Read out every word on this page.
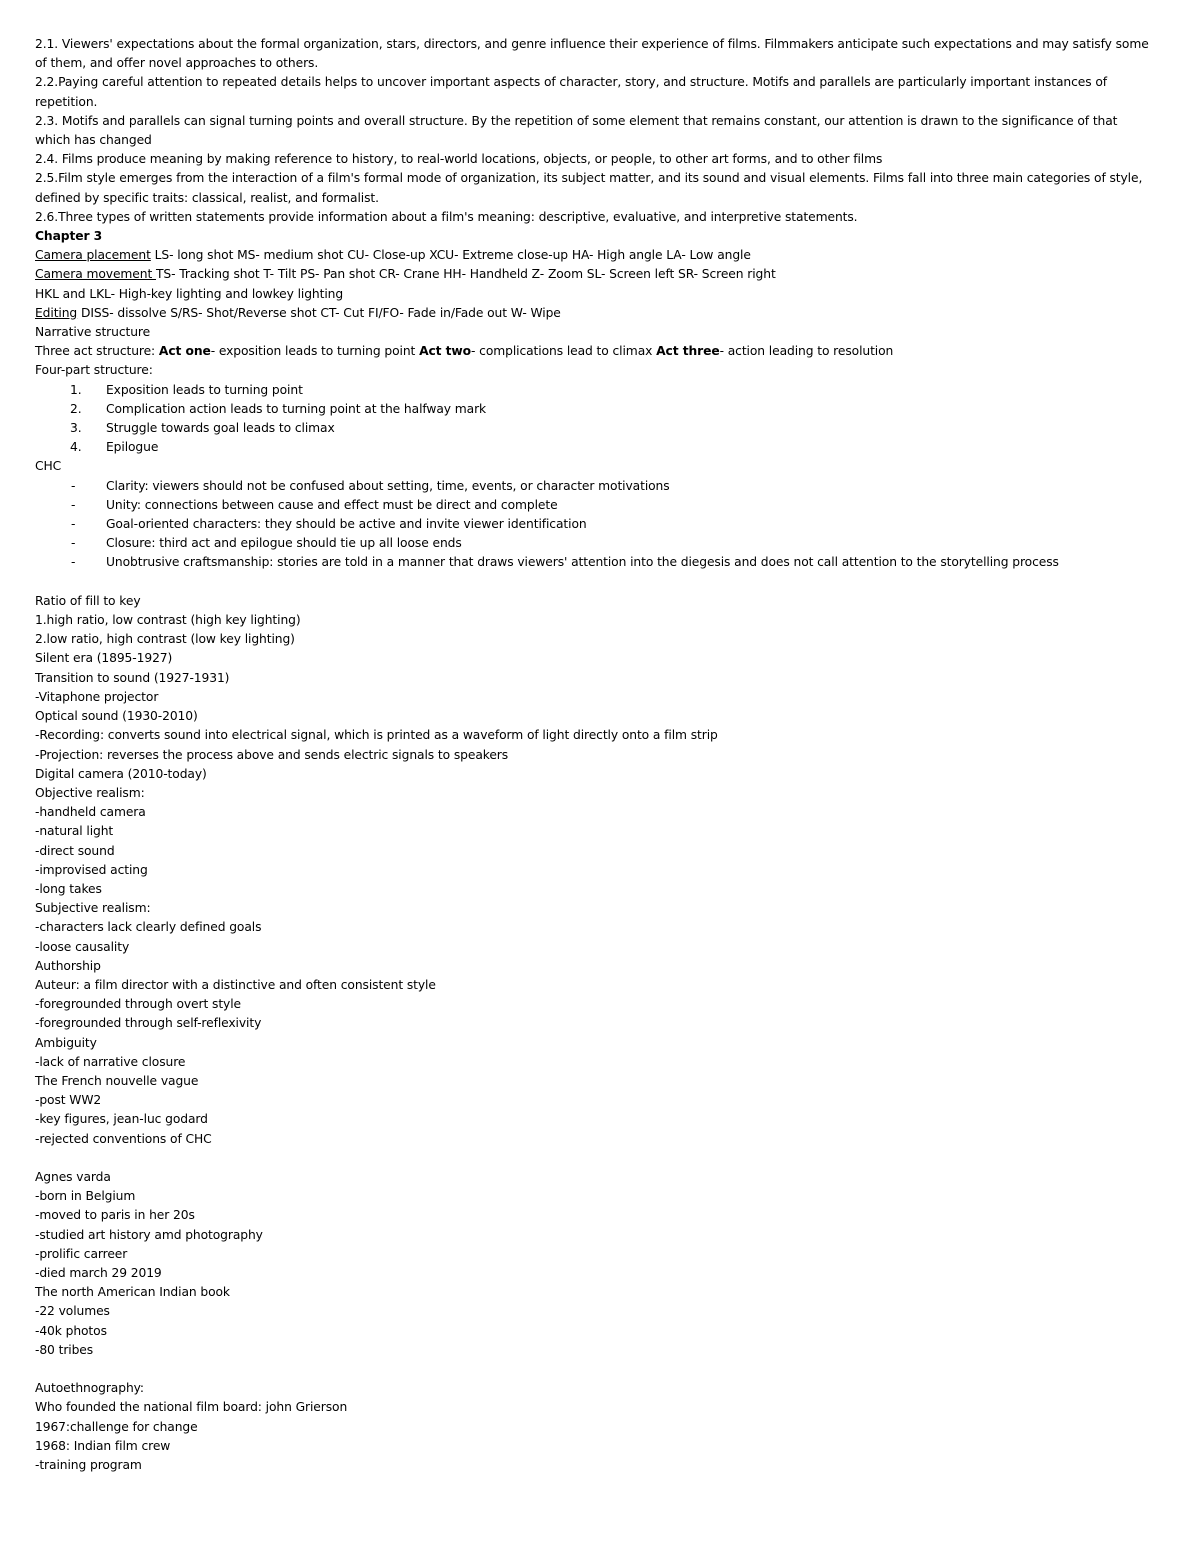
2.1. Viewers' expectations about the formal organization, stars, directors, and genre influence their experience of films. Filmmakers anticipate such expectations and may satisfy some of them, and offer novel approaches to others.
2.2.Paying careful attention to repeated details helps to uncover important aspects of character, story, and structure. Motifs and parallels are particularly important instances of repetition.
2.3. Motifs and parallels can signal turning points and overall structure. By the repetition of some element that remains constant, our attention is drawn to the significance of that which has changed
2.4. Films produce meaning by making reference to history, to real-world locations, objects, or people, to other art forms, and to other films
2.5.Film style emerges from the interaction of a film's formal mode of organization, its subject matter, and its sound and visual elements. Films fall into three main categories of style, defined by specific traits: classical, realist, and formalist.
2.6.Three types of written statements provide information about a film's meaning: descriptive, evaluative, and interpretive statements.
Chapter 3
Camera placement LS- long shot MS- medium shot CU- Close-up XCU- Extreme close-up HA- High angle LA- Low angle
Camera movement TS- Tracking shot T- Tilt PS- Pan shot CR- Crane HH- Handheld Z- Zoom SL- Screen left SR- Screen right
HKL and LKL- High-key lighting and lowkey lighting
Editing DISS- dissolve S/RS- Shot/Reverse shot CT- Cut FI/FO- Fade in/Fade out W- Wipe
Narrative structure
Three act structure: Act one- exposition leads to turning point Act two- complications lead to climax Act three- action leading to resolution
Four-part structure:
1.	Exposition leads to turning point
2.	Complication action leads to turning point at the halfway mark
3.	Struggle towards goal leads to climax
4.	Epilogue
CHC
-	Clarity: viewers should not be confused about setting, time, events, or character motivations
-	Unity: connections between cause and effect must be direct and complete
-	Goal-oriented characters: they should be active and invite viewer identification
-	Closure: third act and epilogue should tie up all loose ends
-	Unobtrusive craftsmanship: stories are told in a manner that draws viewers' attention into the diegesis and does not call attention to the storytelling process
Ratio of fill to key
1.high ratio, low contrast (high key lighting)
2.low ratio, high contrast (low key lighting)
Silent era (1895-1927)
Transition to sound (1927-1931)
-Vitaphone projector
Optical sound (1930-2010)
-Recording: converts sound into electrical signal, which is printed as a waveform of light directly onto a film strip
-Projection: reverses the process above and sends electric signals to speakers
Digital camera (2010-today)
Objective realism:
-handheld camera
-natural light
-direct sound
-improvised acting
-long takes
Subjective realism:
-characters lack clearly defined goals
-loose causality
Authorship
Auteur: a film director with a distinctive and often consistent style
-foregrounded through overt style
-foregrounded through self-reflexivity
Ambiguity
-lack of narrative closure
The French nouvelle vague
-post WW2
-key figures, jean-luc godard
-rejected conventions of CHC
Agnes varda
-born in Belgium
-moved to paris in her 20s
-studied art history amd photography
-prolific carreer
-died march 29 2019
The north American Indian book
-22 volumes
-40k photos
-80 tribes
Autoethnography:
Who founded the national film board: john Grierson
1967:challenge for change
1968: Indian film crew
-training program
